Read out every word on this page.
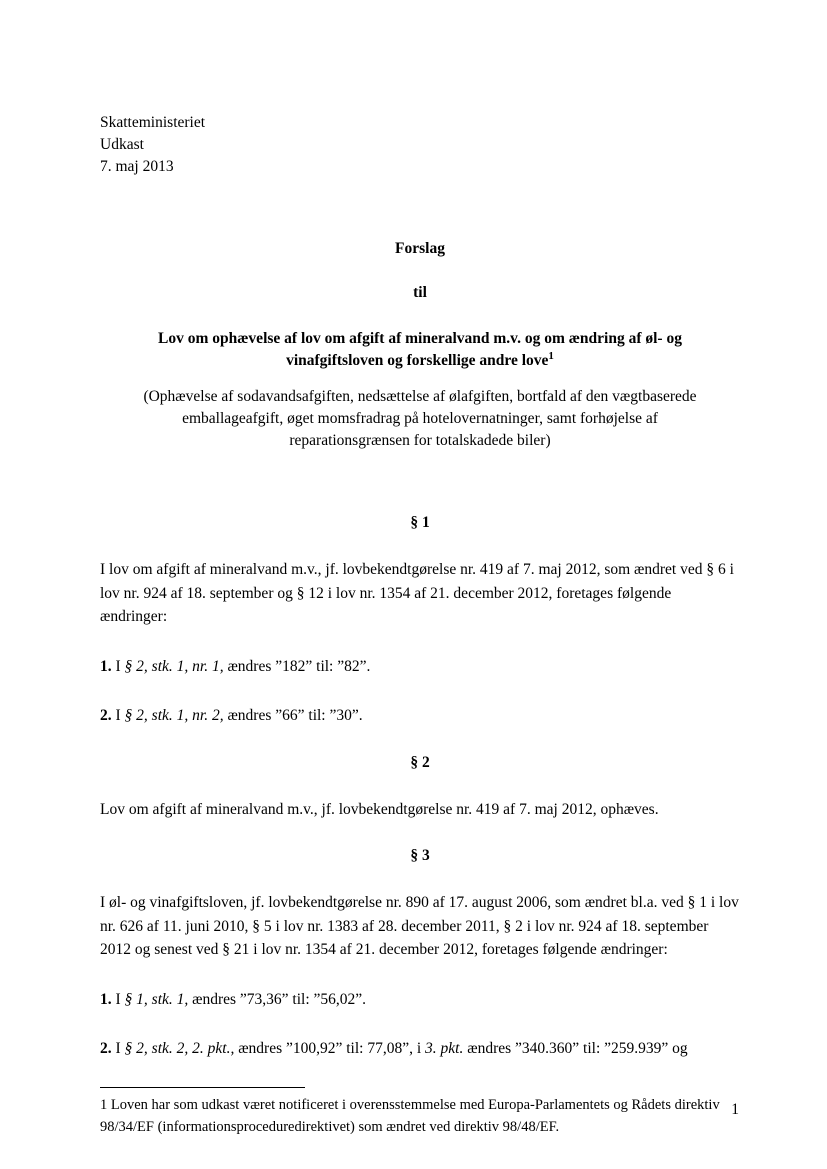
Skatteministeriet
Udkast
7. maj 2013
Forslag
til
Lov om ophævelse af lov om afgift af mineralvand m.v. og om ændring af øl- og vinafgiftsloven og forskellige andre love$^1$
(Ophævelse af sodavandsafgiften, nedsættelse af ølafgiften, bortfald af den vægtbaserede emballageafgift, øget momsfradrag på hotelovernatninger, samt forhøjelse af reparationsgrænsen for totalskadede biler)
§ 1

I lov om afgift af mineralvand m.v., jf. lovbekendtgørelse nr. 419 af 7. maj 2012, som ændret ved § 6 i lov nr. 924 af 18. september og § 12 i lov nr. 1354 af 21. december 2012, foretages følgende ændringer:

1. I § 2, stk. 1, nr. 1, ændres ”182” til: ”82”.

2. I § 2, stk. 1, nr. 2, ændres ”66” til: ”30”.

§ 2

Lov om afgift af mineralvand m.v., jf. lovbekendtgørelse nr. 419 af 7. maj 2012, ophæves.

§ 3

I øl- og vinafgiftsloven, jf. lovbekendtgørelse nr. 890 af 17. august 2006, som ændret bl.a. ved § 1 i lov nr. 626 af 11. juni 2010, § 5 i lov nr. 1383 af 28. december 2011, § 2 i lov nr. 924 af 18. september 2012 og senest ved § 21 i lov nr. 1354 af 21. december 2012, foretages følgende ændringer:

1. I § 1, stk. 1, ændres ”73,36” til: ”56,02”.

2. I § 2, stk. 2, 2. pkt., ændres ”100,92” til: 77,08”, i 3. pkt. ændres ”340.360” til: ”259.939” og

1 Loven har som udkast været notificeret i overensstemmelse med Europa-Parlamentets og Rådets direktiv 98/34/EF (informationsproceduredirektivet) som ændret ved direktiv 98/48/EF.

1
